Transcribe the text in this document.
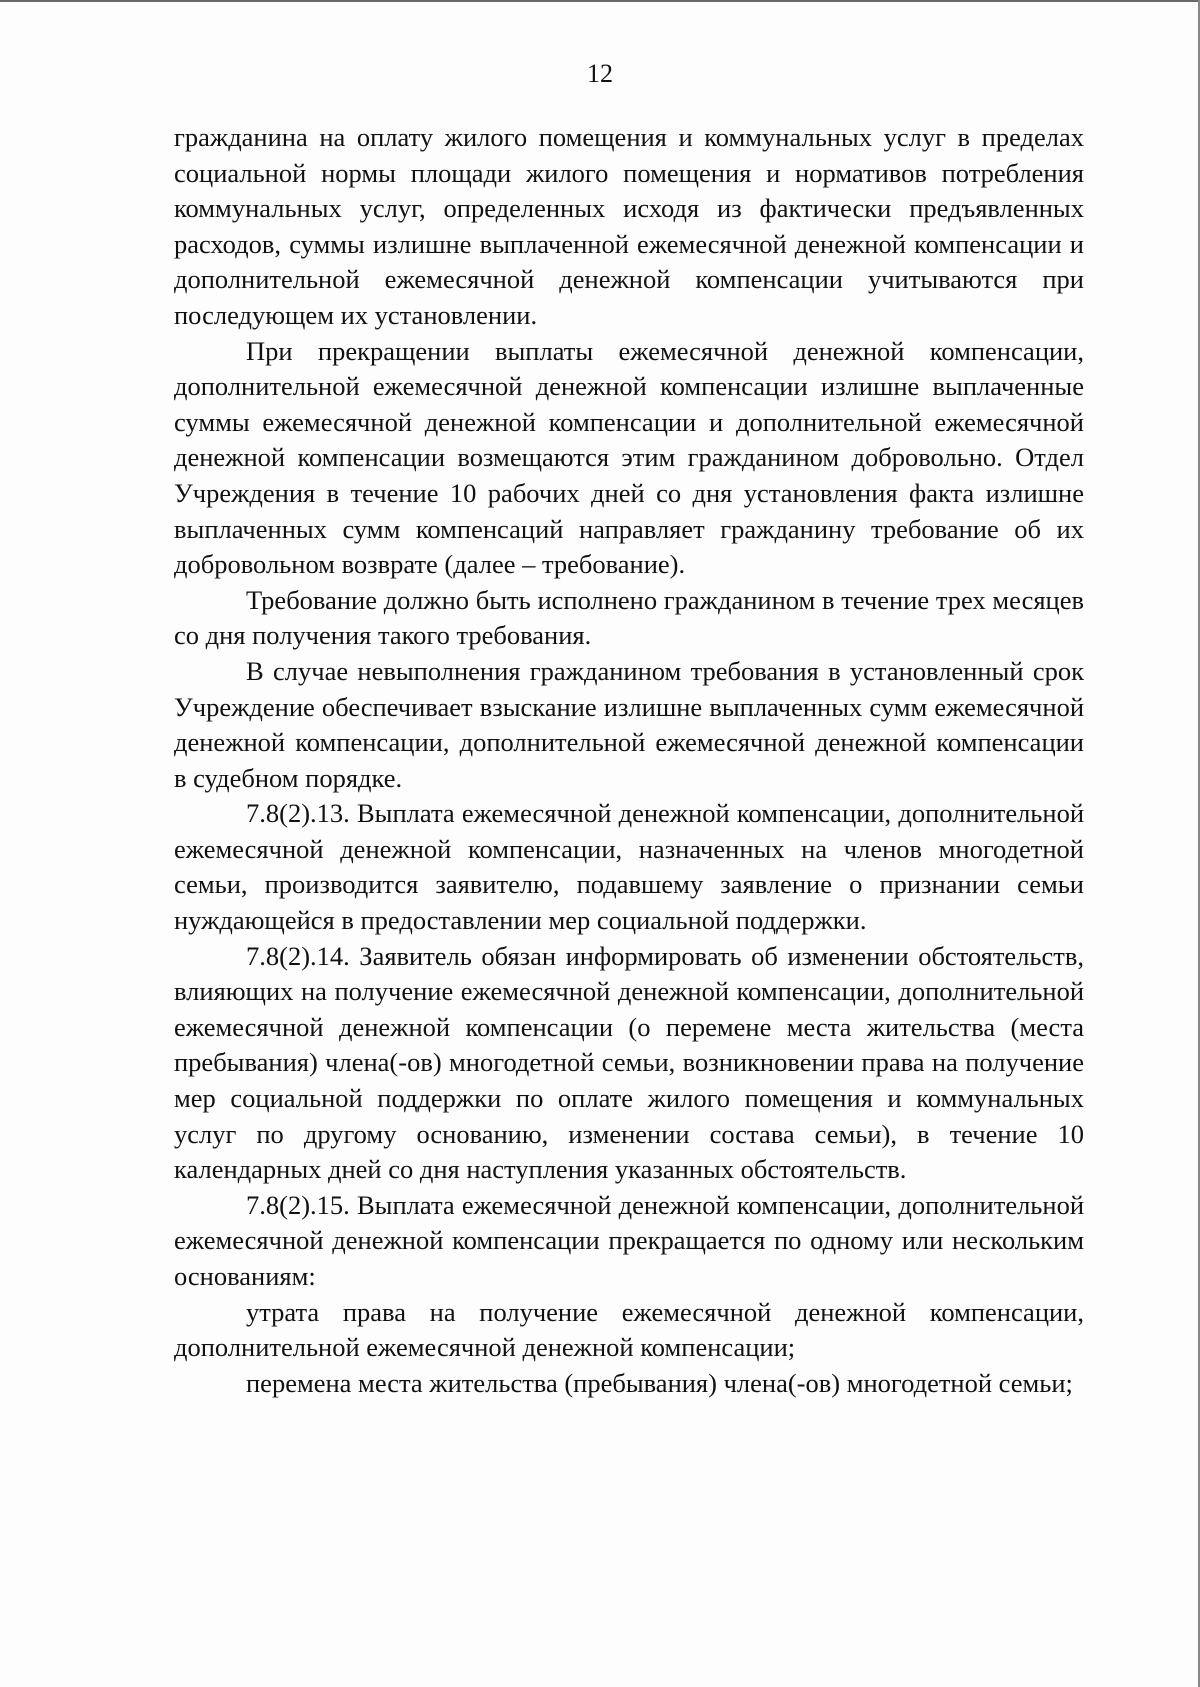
12

гражданина на оплату жилого помещения и коммунальных услуг в пределах социальной нормы площади жилого помещения и нормативов потребления коммунальных услуг, определенных исходя из фактически предъявленных расходов, суммы излишне выплаченной ежемесячной денежной компенсации и дополнительной ежемесячной денежной компенсации учитываются при последующем их установлении.

При прекращении выплаты ежемесячной денежной компенсации, дополнительной ежемесячной денежной компенсации излишне выплаченные суммы ежемесячной денежной компенсации и дополнительной ежемесячной денежной компенсации возмещаются этим гражданином добровольно. Отдел Учреждения в течение 10 рабочих дней со дня установления факта излишне выплаченных сумм компенсаций направляет гражданину требование об их добровольном возврате (далее – требование).

Требование должно быть исполнено гражданином в течение трех месяцев со дня получения такого требования.

В случае невыполнения гражданином требования в установленный срок Учреждение обеспечивает взыскание излишне выплаченных сумм ежемесячной денежной компенсации, дополнительной ежемесячной денежной компенсации в судебном порядке.

7.8(2).13. Выплата ежемесячной денежной компенсации, дополнительной ежемесячной денежной компенсации, назначенных на членов многодетной семьи, производится заявителю, подавшему заявление о признании семьи нуждающейся в предоставлении мер социальной поддержки.

7.8(2).14. Заявитель обязан информировать об изменении обстоятельств, влияющих на получение ежемесячной денежной компенсации, дополнительной ежемесячной денежной компенсации (о перемене места жительства (места пребывания) члена(-ов) многодетной семьи, возникновении права на получение мер социальной поддержки по оплате жилого помещения и коммунальных услуг по другому основанию, изменении состава семьи), в течение 10 календарных дней со дня наступления указанных обстоятельств.

7.8(2).15. Выплата ежемесячной денежной компенсации, дополнительной ежемесячной денежной компенсации прекращается по одному или нескольким основаниям:

утрата права на получение ежемесячной денежной компенсации, дополнительной ежемесячной денежной компенсации;

перемена места жительства (пребывания) члена(-ов) многодетной семьи;
